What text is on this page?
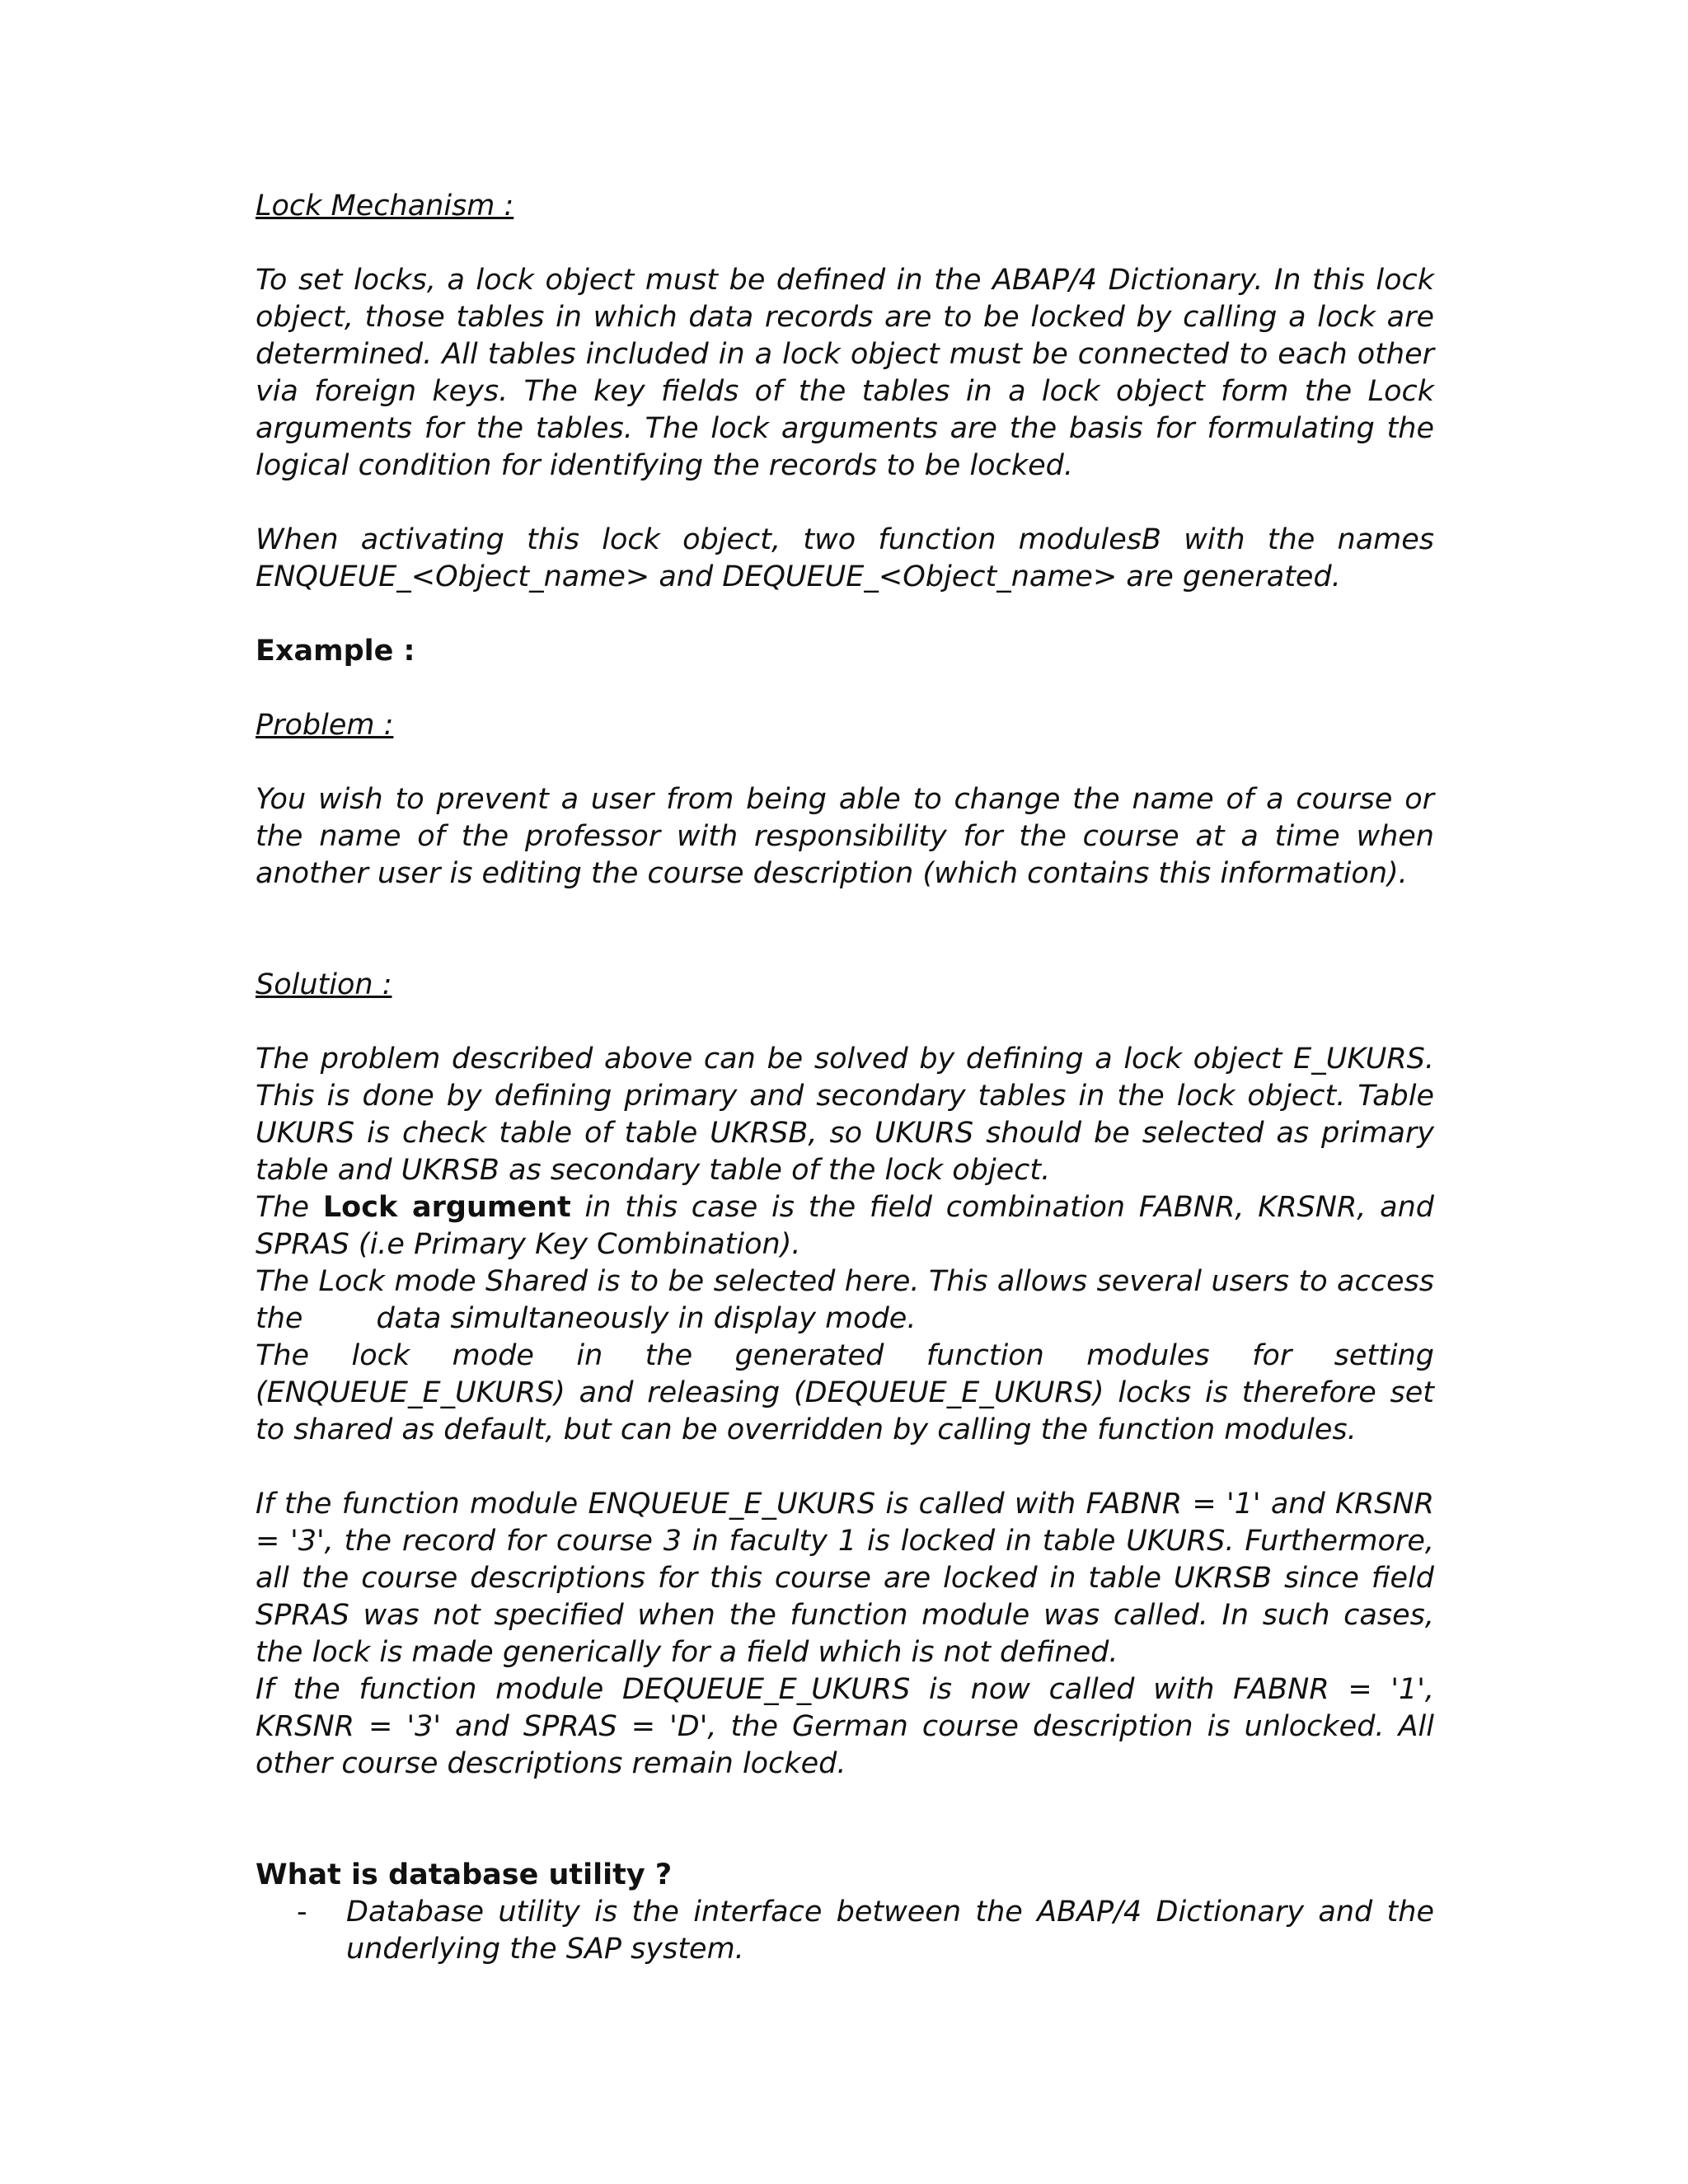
Lock Mechanism :

To set locks, a lock object must be defined in the ABAP/4 Dictionary. In this lock object, those tables in which data records are to be locked by calling a lock are determined. All tables included in a lock object must be connected to each other via foreign keys. The key fields of the tables in a lock object form the Lock arguments for the tables. The lock arguments are the basis for formulating the logical condition for identifying the records to be locked.

When activating this lock object, two function modulesB with the names ENQUEUE_<Object_name> and DEQUEUE_<Object_name> are generated.

Example :

Problem :

You wish to prevent a user from being able to change the name of a course or the name of the professor with responsibility for the course at a time when another user is editing the course description (which contains this information).

Solution :

The problem described above can be solved by defining a lock object E_UKURS. This is done by defining primary and secondary tables in the lock object. Table UKURS is check table of table UKRSB, so UKURS should be selected as primary table and UKRSB as secondary table of the lock object.

The Lock argument in this case is the field combination FABNR, KRSNR, and SPRAS (i.e Primary Key Combination).

The Lock mode Shared is to be selected here. This allows several users to access the        data simultaneously in display mode.

The lock mode in the generated function modules for setting (ENQUEUE_E_UKURS) and releasing (DEQUEUE_E_UKURS) locks is therefore set to shared as default, but can be overridden by calling the function modules.

If the function module ENQUEUE_E_UKURS is called with FABNR = '1' and KRSNR = '3', the record for course 3 in faculty 1 is locked in table UKURS. Furthermore, all the course descriptions for this course are locked in table UKRSB since field SPRAS was not specified when the function module was called. In such cases, the lock is made generically for a field which is not defined.

If the function module DEQUEUE_E_UKURS is now called with FABNR = '1', KRSNR = '3' and SPRAS = 'D', the German course description is unlocked. All other course descriptions remain locked.

What is database utility ?

-	Database utility is the interface between the ABAP/4 Dictionary and the underlying the SAP system.
